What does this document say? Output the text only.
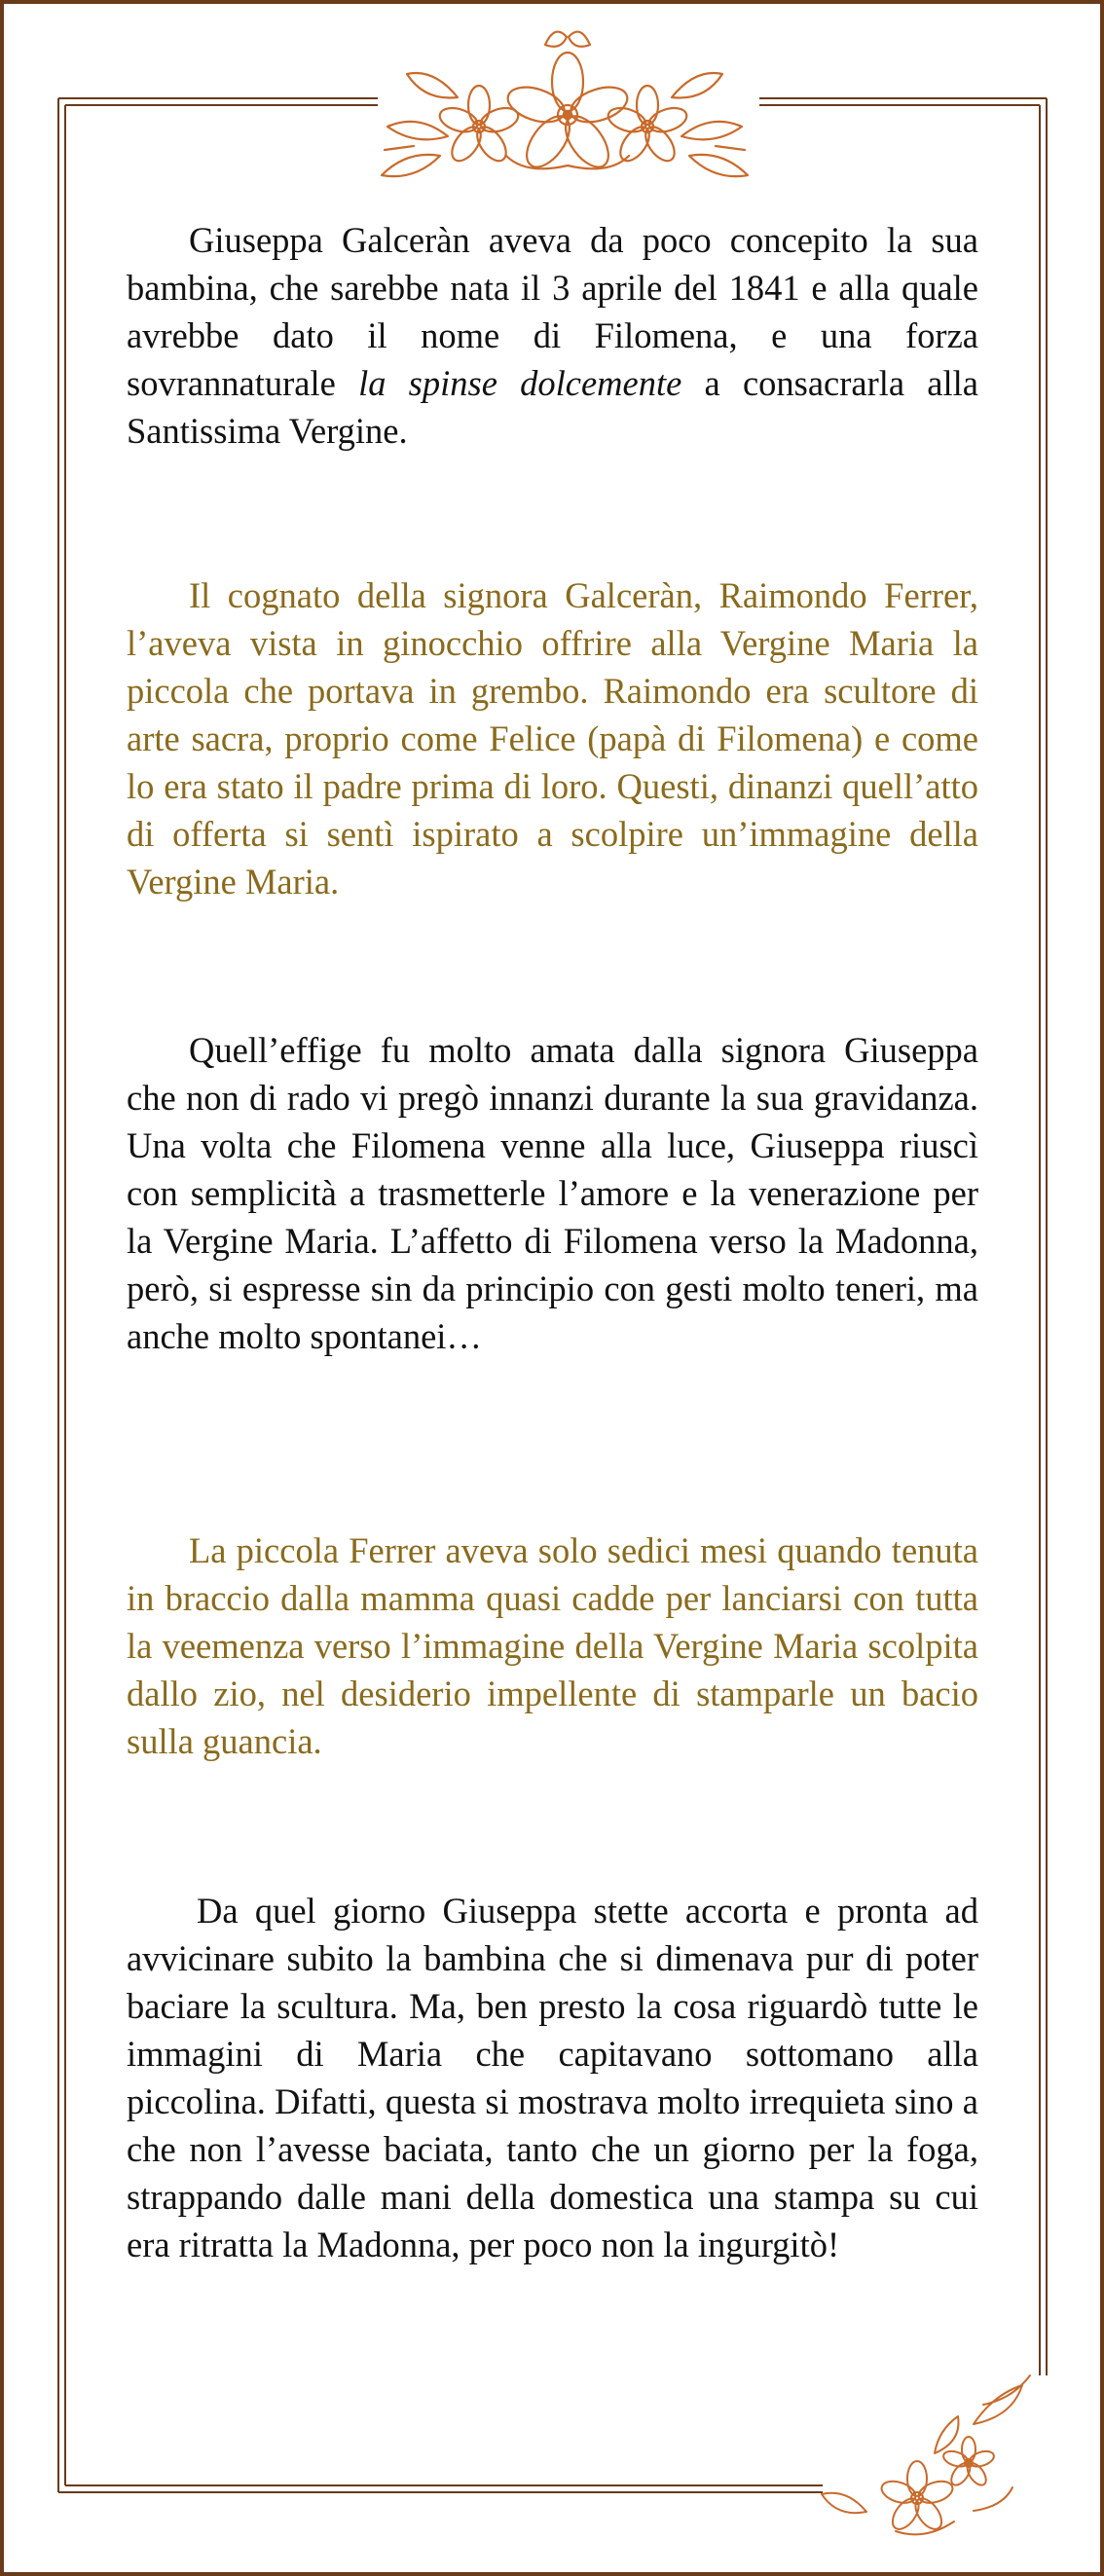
Giuseppa Galceràn aveva da poco concepito la sua bambina, che sarebbe nata il 3 aprile del 1841 e alla quale avrebbe dato il nome di Filomena, e una forza sovrannaturale la spinse dolcemente a consacrarla alla Santissima Vergine.

Il cognato della signora Galceràn, Raimondo Ferrer, l’aveva vista in ginocchio offrire alla Vergine Maria la piccola che portava in grembo. Raimondo era scultore di arte sacra, proprio come Felice (papà di Filomena) e come lo era stato il padre prima di loro. Questi, dinanzi quell’atto di offerta si sentì ispirato a scolpire un’immagine della Vergine Maria.

Quell’effige fu molto amata dalla signora Giuseppa che non di rado vi pregò innanzi durante la sua gravidanza. Una volta che Filomena venne alla luce, Giuseppa riuscì con semplicità a trasmetterle l’amore e la venerazione per la Vergine Maria. L’affetto di Filomena verso la Madonna, però, si espresse sin da principio con gesti molto teneri, ma anche molto spontanei…

La piccola Ferrer aveva solo sedici mesi quando tenuta in braccio dalla mamma quasi cadde per lanciarsi con tutta la veemenza verso l’immagine della Vergine Maria scolpita dallo zio, nel desiderio impellente di stamparle un bacio sulla guancia.

Da quel giorno Giuseppa stette accorta e pronta ad avvicinare subito la bambina che si dimenava pur di poter baciare la scultura. Ma, ben presto la cosa riguardò tutte le immagini di Maria che capitavano sottomano alla piccolina. Difatti, questa si mostrava molto irrequieta sino a che non l’avesse baciata, tanto che un giorno per la foga, strappando dalle mani della domestica una stampa su cui era ritratta la Madonna, per poco non la ingurgitò!
